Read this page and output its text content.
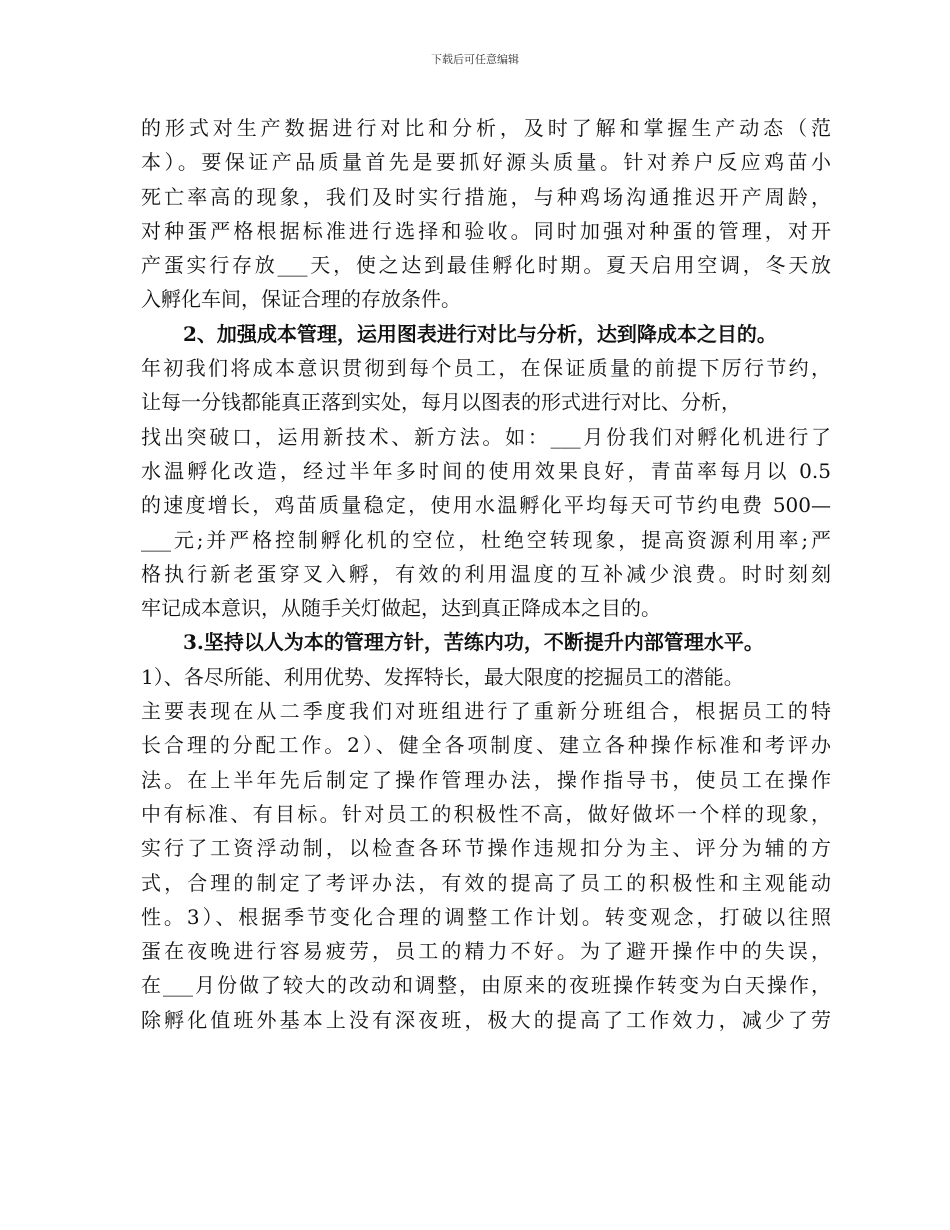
下载后可任意编辑
的形式对生产数据进行对比和分析，及时了解和掌握生产动态（范
本）。要保证产品质量首先是要抓好源头质量。针对养户反应鸡苗小
死亡率高的现象，我们及时实行措施，与种鸡场沟通推迟开产周龄，
对种蛋严格根据标准进行选择和验收。同时加强对种蛋的管理，对开
产蛋实行存放___天，使之达到最佳孵化时期。夏天启用空调，冬天放
入孵化车间，保证合理的存放条件。
2、加强成本管理，运用图表进行对比与分析，达到降成本之目的。
年初我们将成本意识贯彻到每个员工，在保证质量的前提下厉行节约，
让每一分钱都能真正落到实处，每月以图表的形式进行对比、分析，
找出突破口，运用新技术、新方法。如：___月份我们对孵化机进行了
水温孵化改造，经过半年多时间的使用效果良好，青苗率每月以 0.5
的速度增长，鸡苗质量稳定，使用水温孵化平均每天可节约电费 500—
___元;并严格控制孵化机的空位，杜绝空转现象，提高资源利用率;严
格执行新老蛋穿叉入孵，有效的利用温度的互补减少浪费。时时刻刻
牢记成本意识，从随手关灯做起，达到真正降成本之目的。
3.坚持以人为本的管理方针，苦练内功，不断提升内部管理水平。
1）、各尽所能、利用优势、发挥特长，最大限度的挖掘员工的潜能。
主要表现在从二季度我们对班组进行了重新分班组合，根据员工的特
长合理的分配工作。2）、健全各项制度、建立各种操作标准和考评办
法。在上半年先后制定了操作管理办法，操作指导书，使员工在操作
中有标准、有目标。针对员工的积极性不高，做好做坏一个样的现象，
实行了工资浮动制，以检查各环节操作违规扣分为主、评分为辅的方
式，合理的制定了考评办法，有效的提高了员工的积极性和主观能动
性。3）、根据季节变化合理的调整工作计划。转变观念，打破以往照
蛋在夜晚进行容易疲劳，员工的精力不好。为了避开操作中的失误，
在___月份做了较大的改动和调整，由原来的夜班操作转变为白天操作，
除孵化值班外基本上没有深夜班，极大的提高了工作效力，减少了劳
